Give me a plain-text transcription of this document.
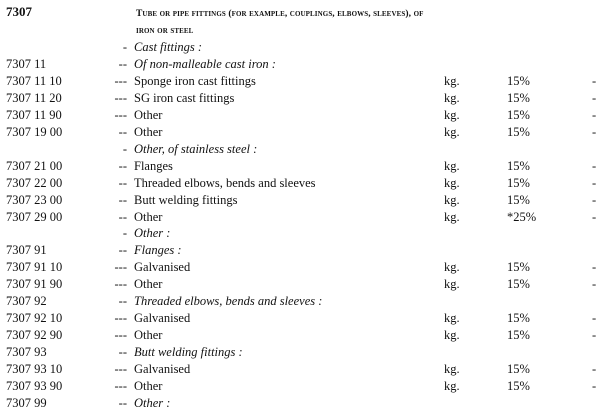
7307	Tube or pipe fittings (for example, couplings, elbows, sleeves), of iron or steel
- Cast fittings :
7307 11	-- Of non-malleable cast iron :
7307 11 10	--- Sponge iron cast fittings	kg.	15%	-
7307 11 20	--- SG iron cast fittings	kg.	15%	-
7307 11 90	--- Other	kg.	15%	-
7307 19 00	-- Other	kg.	15%	-
- Other, of stainless steel :
7307 21 00	-- Flanges	kg.	15%	-
7307 22 00	-- Threaded elbows, bends and sleeves	kg.	15%	-
7307 23 00	-- Butt welding fittings	kg.	15%	-
7307 29 00	-- Other	kg.	*25%	-
- Other :
7307 91	-- Flanges :
7307 91 10	--- Galvanised	kg.	15%	-
7307 91 90	--- Other	kg.	15%	-
7307 92	-- Threaded elbows, bends and sleeves :
7307 92 10	--- Galvanised	kg.	15%	-
7307 92 90	--- Other	kg.	15%	-
7307 93	-- Butt welding fittings :
7307 93 10	--- Galvanised	kg.	15%	-
7307 93 90	--- Other	kg.	15%	-
7307 99	-- Other :
